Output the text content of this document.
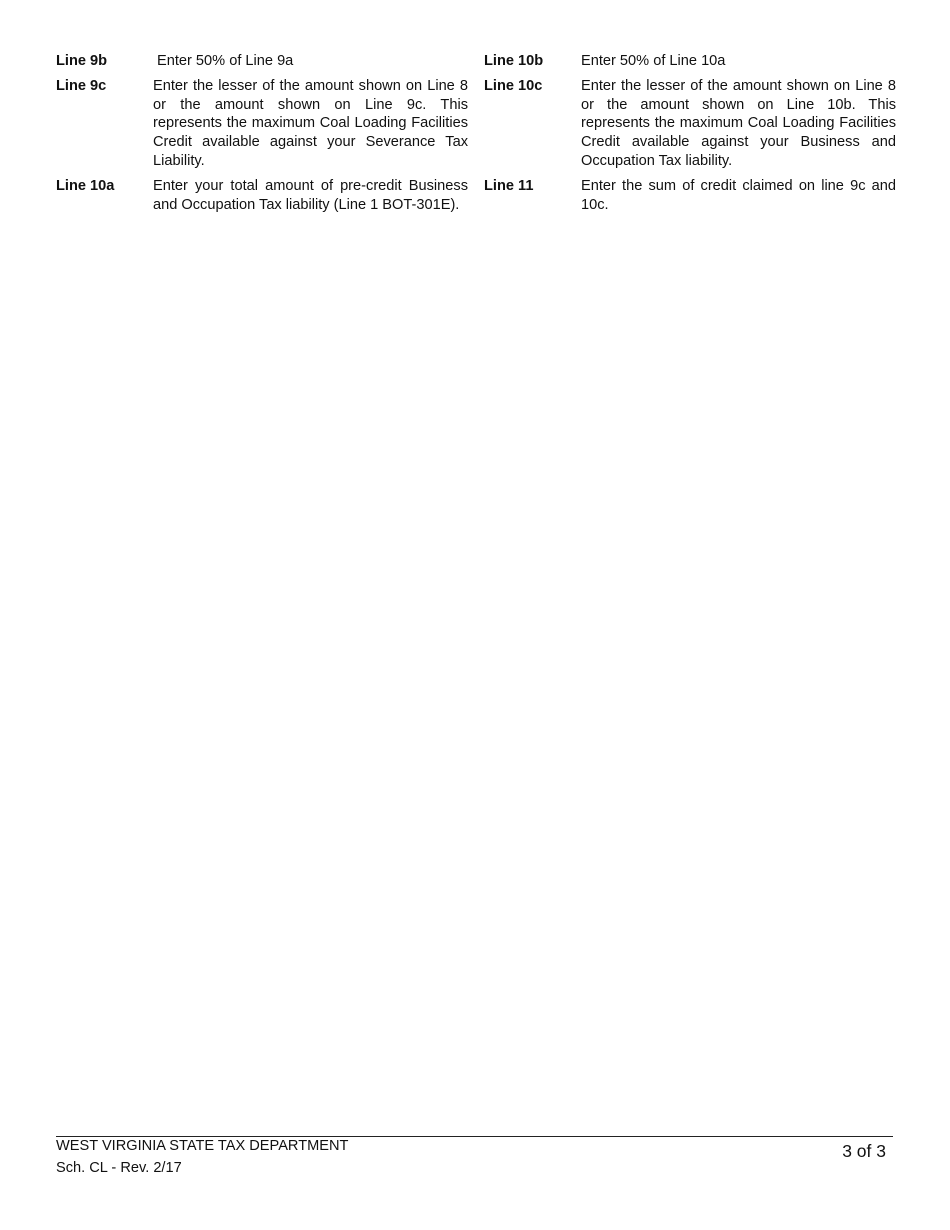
Line 9b	Enter 50% of Line 9a
Line 9c	Enter the lesser of the amount shown on Line 8 or the amount shown on Line 9c. This represents the maximum Coal Loading Facilities Credit available against your Severance Tax Liability.
Line 10a	Enter your total amount of pre-credit Business and Occupation Tax liability (Line 1 BOT-301E).
Line 10b	Enter 50% of Line 10a
Line 10c	Enter the lesser of the amount shown on Line 8 or the amount shown on Line 10b. This represents the maximum Coal Loading Facilities Credit available against your Business and Occupation Tax liability.
Line 11	Enter the sum of credit claimed on line 9c and 10c.
WEST VIRGINIA STATE TAX DEPARTMENT
Sch. CL - Rev. 2/17
3 of 3
